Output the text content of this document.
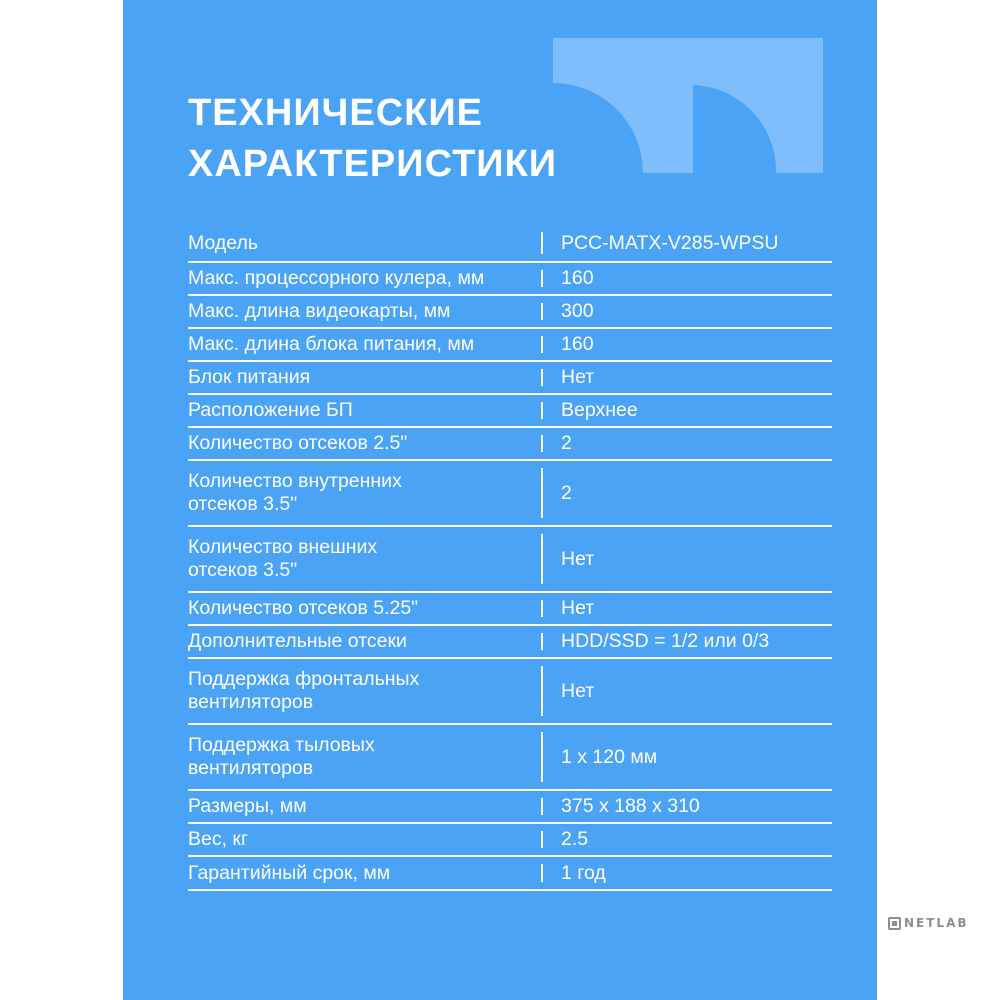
ТЕХНИЧЕСКИЕ
ХАРАКТЕРИСТИКИ
Модель	PCC-MATX-V285-WPSU

Макс. процессорного кулера, мм	160

Макс. длина видеокарты, мм	300

Макс. длина блока питания, мм	160

Блок питания	Нет

Расположение БП	Верхнее

Количество отсеков 2.5"	2

Количество внутренних
отсеков 3.5"	2

Количество внешних
отсеков 3.5"	Нет

Количество отсеков 5.25"	Нет

Дополнительные отсеки	HDD/SSD = 1/2 или 0/3

Поддержка фронтальных
вентиляторов	Нет

Поддержка тыловых
вентиляторов	1 x 120 мм

Размеры, мм	375 x 188 x 310

Вес, кг	2.5

Гарантийный срок, мм	1 год
NETLAB
